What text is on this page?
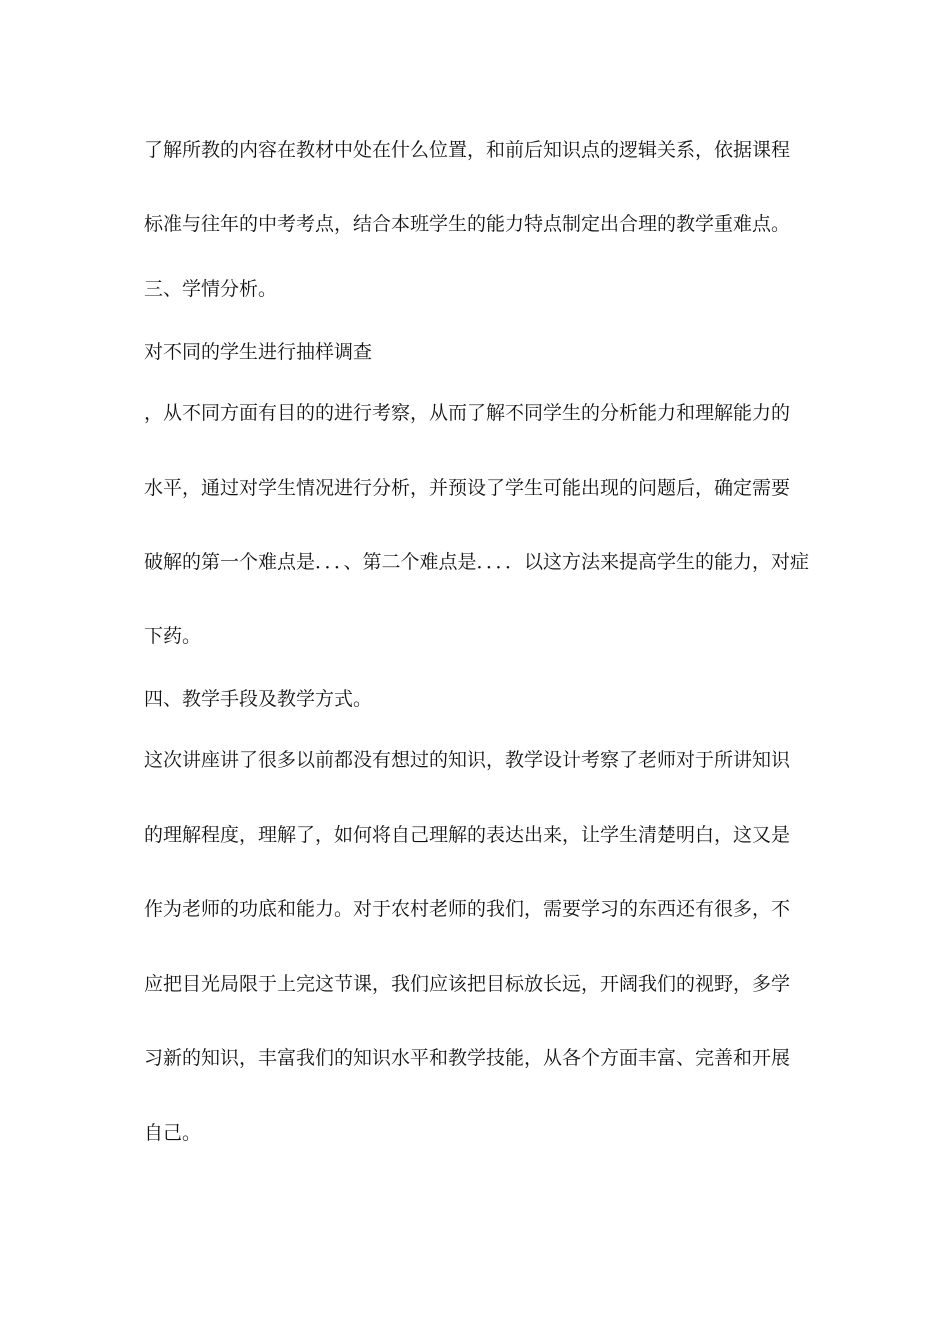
了解所教的内容在教材中处在什么位置，和前后知识点的逻辑关系，依据课程
标准与往年的中考考点，结合本班学生的能力特点制定出合理的教学重难点。
三、学情分析。
对不同的学生进行抽样调查
，从不同方面有目的的进行考察，从而了解不同学生的分析能力和理解能力的
水平，通过对学生情况进行分析，并预设了学生可能出现的问题后，确定需要
破解的第一个难点是．．．、第二个难点是．．．．以这方法来提高学生的能力，对症
下药。
四、教学手段及教学方式。
这次讲座讲了很多以前都没有想过的知识，教学设计考察了老师对于所讲知识
的理解程度，理解了，如何将自己理解的表达出来，让学生清楚明白，这又是
作为老师的功底和能力。对于农村老师的我们，需要学习的东西还有很多，不
应把目光局限于上完这节课，我们应该把目标放长远，开阔我们的视野，多学
习新的知识，丰富我们的知识水平和教学技能，从各个方面丰富、完善和开展
自己。
